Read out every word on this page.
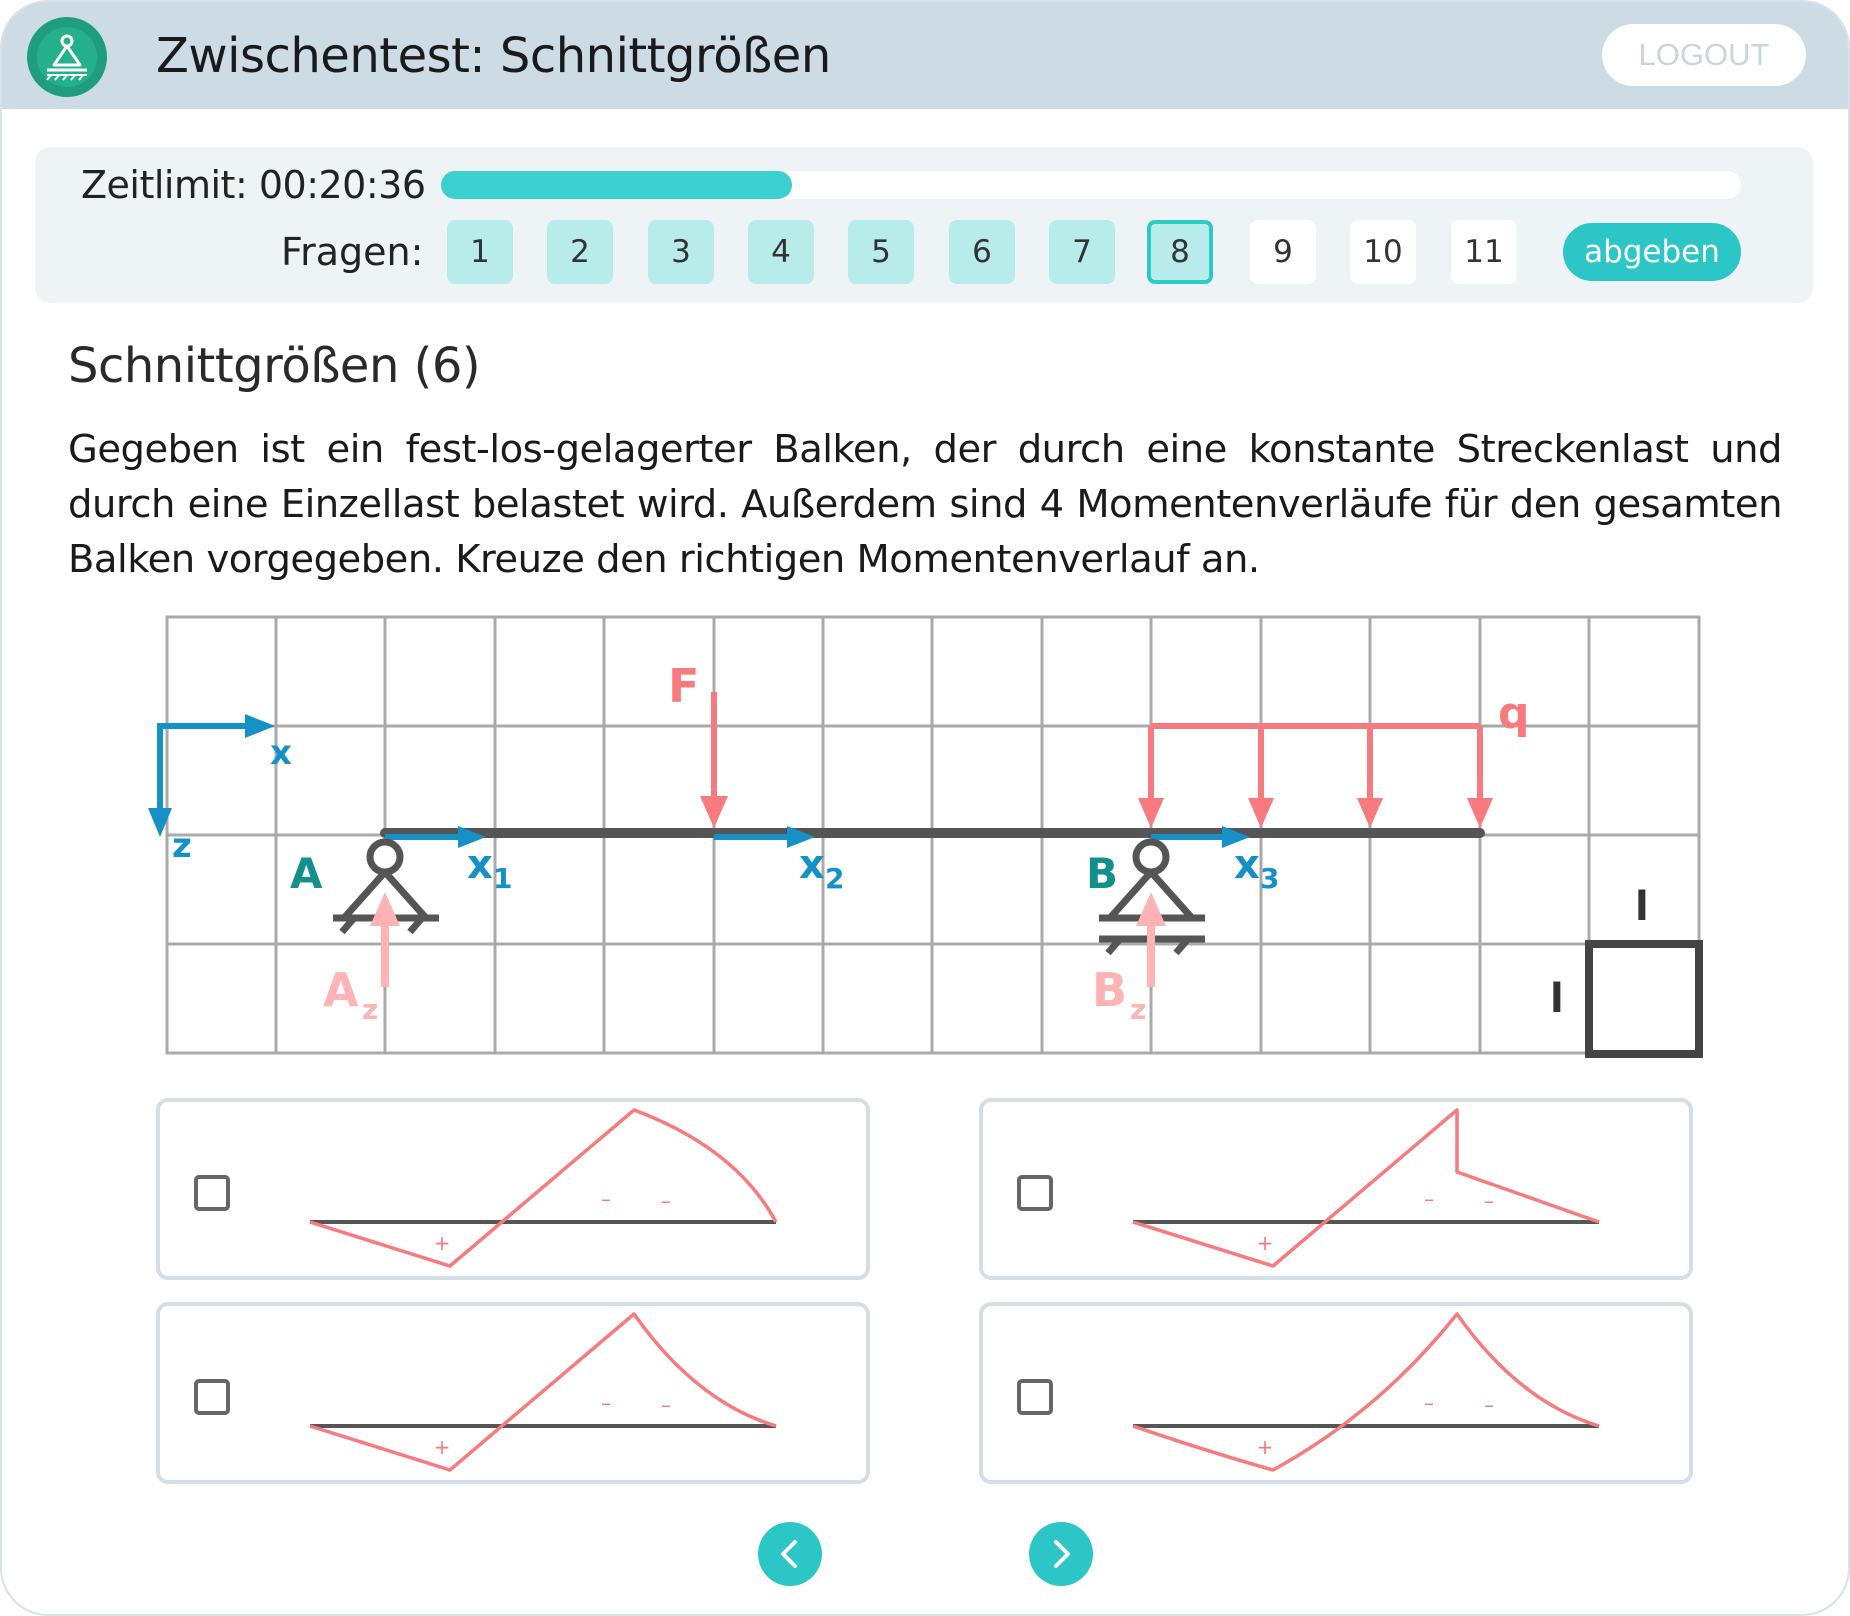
Zwischentest: Schnittgrößen	LOGOUT
Zeitlimit: 00:20:36
Fragen:	1	2	3	4	5	6	7	8	9	10	11	abgeben
Schnittgrößen (6)
Gegeben ist ein fest-los-gelagerter Balken, der durch eine konstante Streckenlast und durch eine Einzellast belastet wird. Außerdem sind 4 Momentenverläufe für den gesamten Balken vorgegeben. Kreuze den richtigen Momentenverlauf an.
x
z
q
F
x1	x2	x3
A	B
Az	Bz
l
l
+
–	–
+
–	–
+
–	–
+
–	–
